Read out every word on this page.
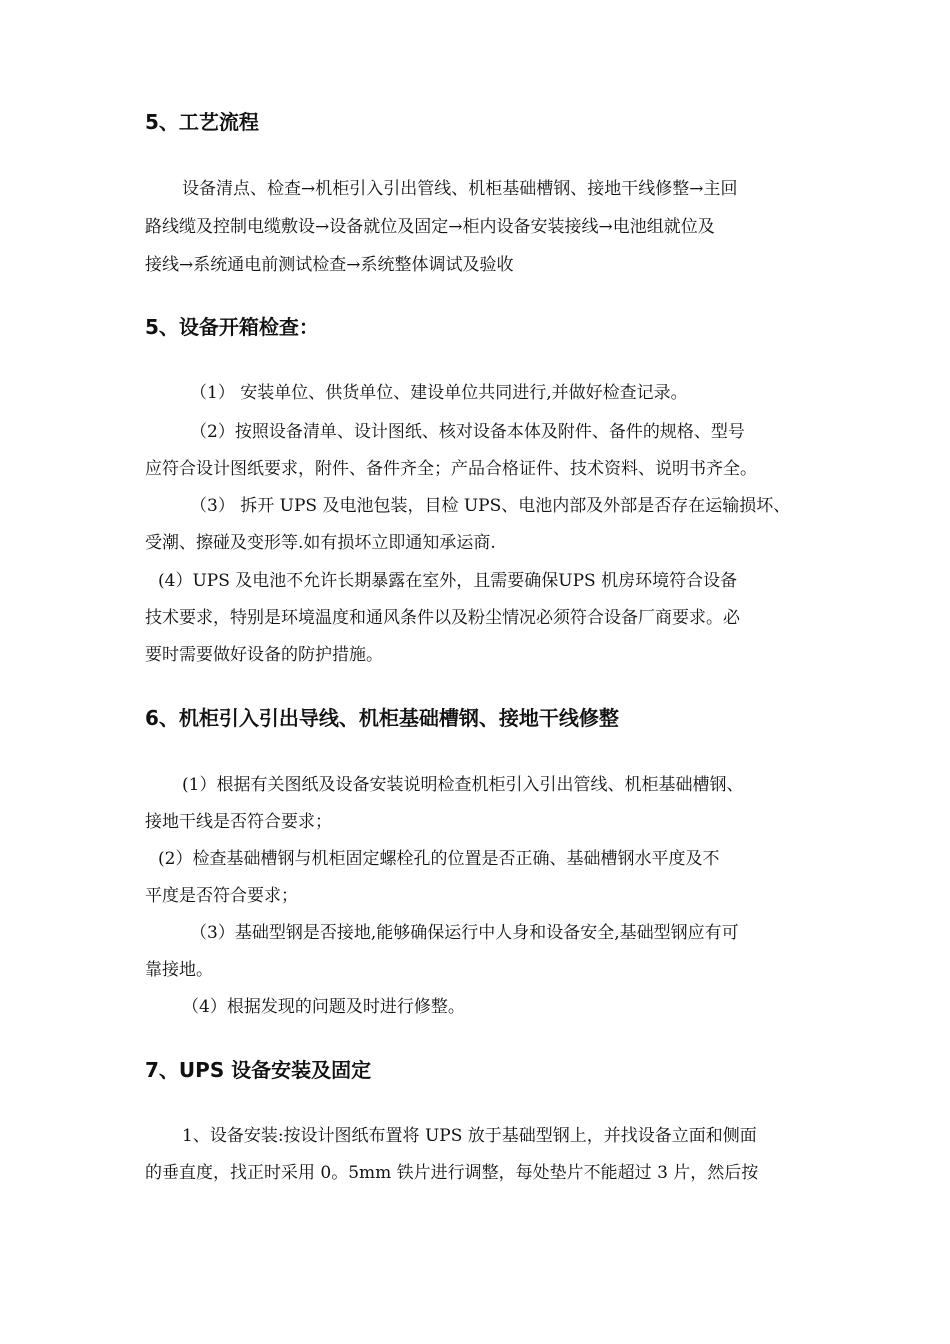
5、工艺流程

设备清点、检查→机柜引入引出管线、机柜基础槽钢、接地干线修整→主回

路线缆及控制电缆敷设→设备就位及固定→柜内设备安装接线→电池组就位及

接线→系统通电前测试检查→系统整体调试及验收

5、设备开箱检查：

（1） 安装单位、供货单位、建设单位共同进行,并做好检查记录。

（2）按照设备清单、设计图纸、核对设备本体及附件、备件的规格、型号

应符合设计图纸要求，附件、备件齐全；产品合格证件、技术资料、说明书齐全。

（3） 拆开 UPS 及电池包装，目检 UPS、电池内部及外部是否存在运输损坏、

受潮、擦碰及变形等.如有损坏立即通知承运商.

(4）UPS 及电池不允许长期暴露在室外，且需要确保UPS 机房环境符合设备

技术要求，特别是环境温度和通风条件以及粉尘情况必须符合设备厂商要求。必

要时需要做好设备的防护措施。

6、机柜引入引出导线、机柜基础槽钢、接地干线修整

(1）根据有关图纸及设备安装说明检查机柜引入引出管线、机柜基础槽钢、

接地干线是否符合要求；

(2）检查基础槽钢与机柜固定螺栓孔的位置是否正确、基础槽钢水平度及不

平度是否符合要求；

（3）基础型钢是否接地,能够确保运行中人身和设备安全,基础型钢应有可

靠接地。

（4）根据发现的问题及时进行修整。

7、UPS 设备安装及固定

1、设备安装:按设计图纸布置将 UPS 放于基础型钢上，并找设备立面和侧面

的垂直度，找正时采用 0。5mm 铁片进行调整，每处垫片不能超过 3 片，然后按
